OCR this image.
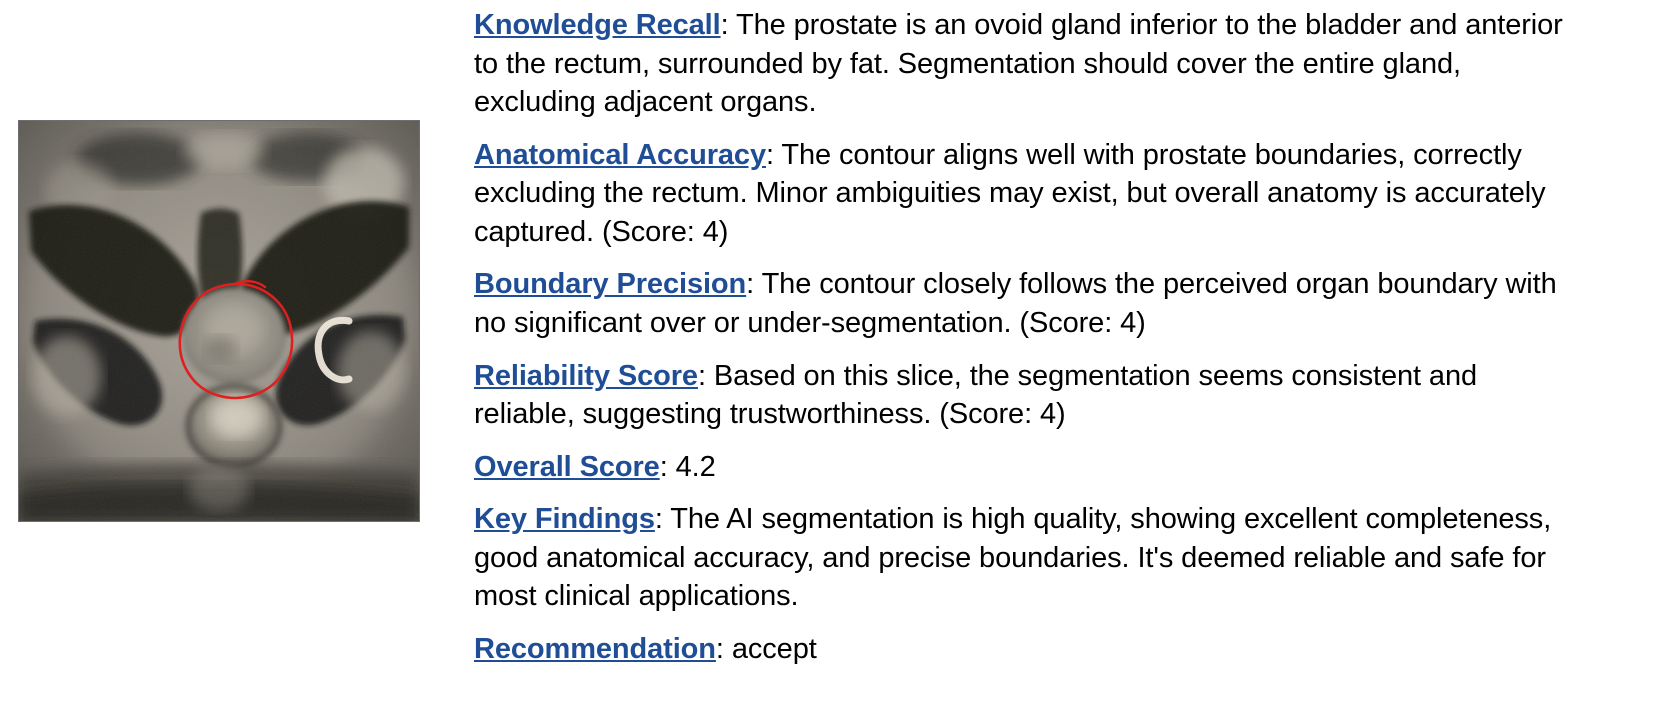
Knowledge Recall: The prostate is an ovoid gland inferior to the bladder and anterior to the rectum, surrounded by fat. Segmentation should cover the entire gland, excluding adjacent organs.

Anatomical Accuracy: The contour aligns well with prostate boundaries, correctly excluding the rectum. Minor ambiguities may exist, but overall anatomy is accurately captured. (Score: 4)

Boundary Precision: The contour closely follows the perceived organ boundary with no significant over or under-segmentation. (Score: 4)

Reliability Score: Based on this slice, the segmentation seems consistent and reliable, suggesting trustworthiness. (Score: 4)

Overall Score: 4.2

Key Findings: The AI segmentation is high quality, showing excellent completeness, good anatomical accuracy, and precise boundaries. It's deemed reliable and safe for most clinical applications.

Recommendation: accept
